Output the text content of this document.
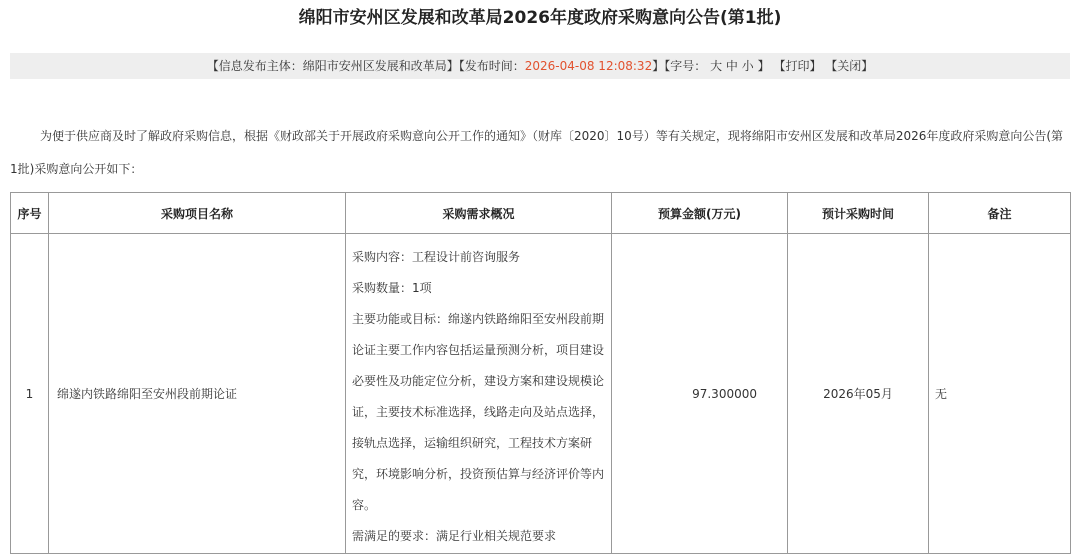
绵阳市安州区发展和改革局2026年度政府采购意向公告(第1批)
【信息发布主体：绵阳市安州区发展和改革局】【发布时间：2026-04-08 12:08:32】【字号： 大 中 小 】 【打印】 【关闭】

为便于供应商及时了解政府采购信息，根据《财政部关于开展政府采购意向公开工作的通知》（财库〔2020〕10号）等有关规定，现将绵阳市安州区发展和改革局2026年度政府采购意向公告(第1批)采购意向公开如下：

序号	采购项目名称	采购需求概况	预算金额(万元)	预计采购时间	备注
1	绵遂内铁路绵阳至安州段前期论证	采购内容：工程设计前咨询服务
采购数量：1项
主要功能或目标：绵遂内铁路绵阳至安州段前期论证主要工作内容包括运量预测分析，项目建设必要性及功能定位分析，建设方案和建设规模论证，主要技术标准选择，线路走向及站点选择，接轨点选择，运输组织研究，工程技术方案研究，环境影响分析，投资预估算与经济评价等内容。
需满足的要求：满足行业相关规范要求	97.300000	2026年05月	无
